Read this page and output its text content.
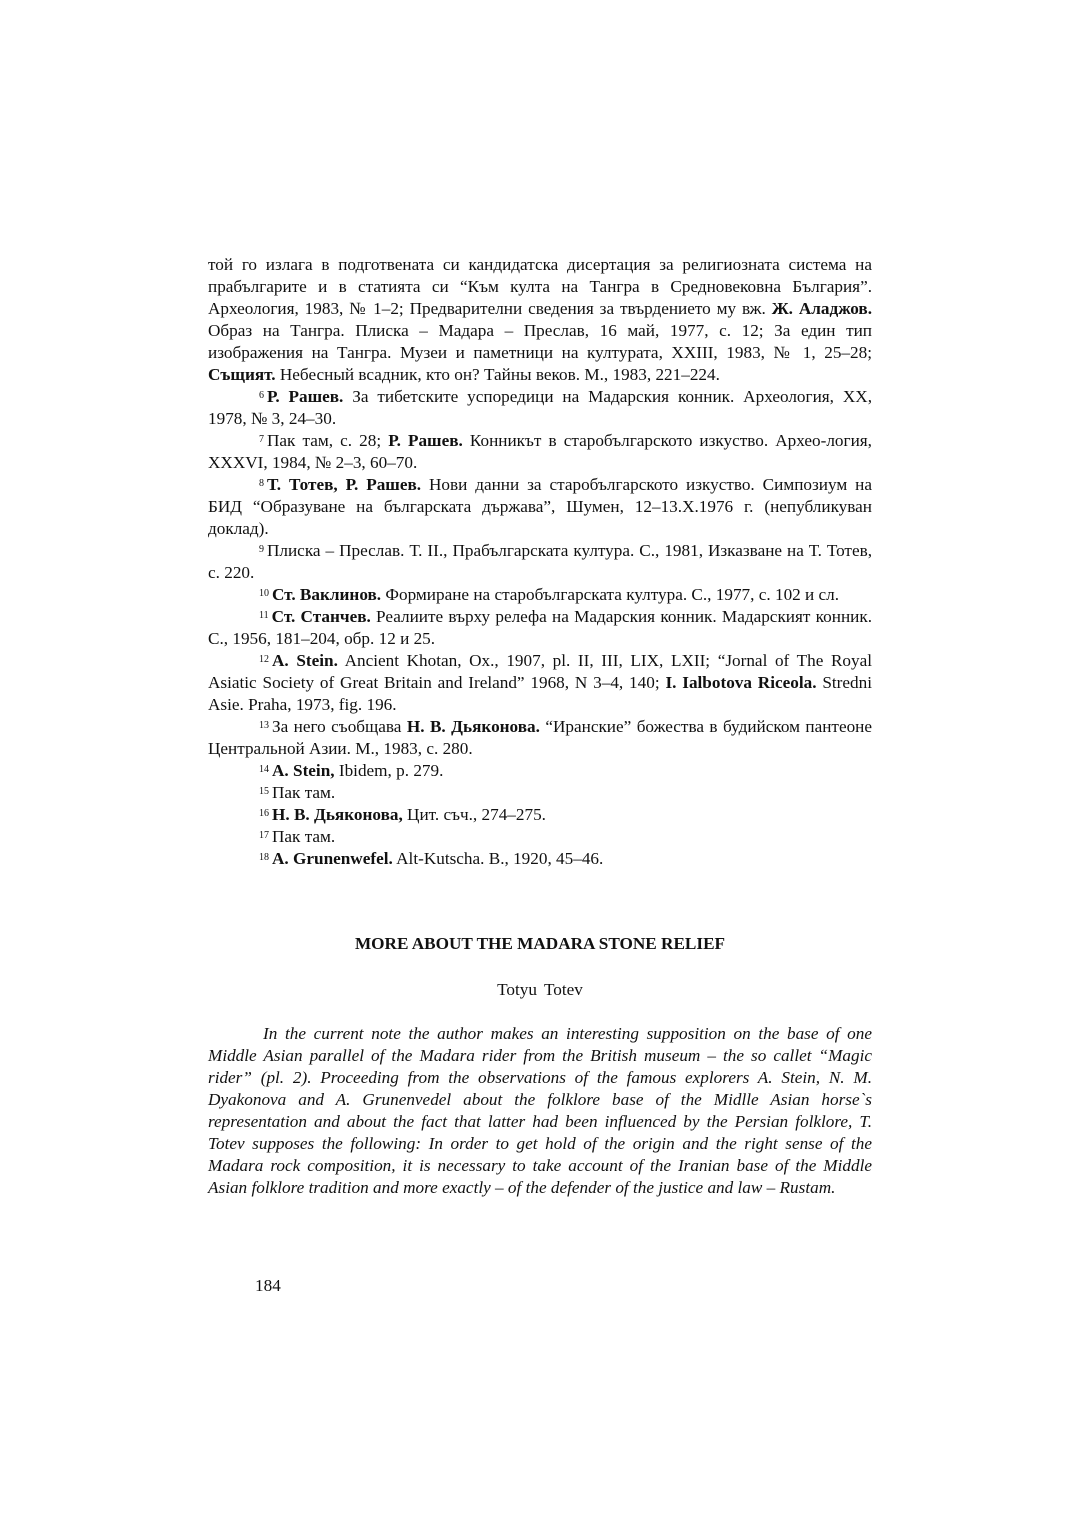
той го излага в подготвената си кандидатска дисертация за религиозната система на прабългарите и в статията си “Към култа на Тангра в Средновековна България”. Археология, 1983, № 1–2; Предварителни сведения за твърдението му вж. Ж. Аладжов. Образ на Тангра. Плиска – Мадара – Преслав, 16 май, 1977, с. 12; За един тип изображения на Тангра. Музеи и паметници на културата, XXIII, 1983, № 1, 25–28; Същият. Небесный всадник, кто он? Тайны веков. М., 1983, 221–224.

$^6$ Р. Рашев. За тибетските успоредици на Мадарския конник. Археология, XX, 1978, № 3, 24–30.

$^7$ Пак там, с. 28; Р. Рашев. Конникът в старобългарското изкуство. Архео-логия, XXXVI, 1984, № 2–3, 60–70.

$^8$ Т. Тотев, Р. Рашев. Нови данни за старобългарското изкуство. Симпозиум на БИД “Образуване на българската държава”, Шумен, 12–13.X.1976 г. (непубликуван доклад).

$^9$ Плиска – Преслав. Т. II., Прабългарската култура. С., 1981, Изказване на Т. Тотев, с. 220.

$^{10}$ Ст. Ваклинов. Формиране на старобългарската култура. С., 1977, с. 102 и сл.

$^{11}$ Ст. Станчев. Реалиите върху релефа на Мадарския конник. Мадарският конник. С., 1956, 181–204, обр. 12 и 25.

$^{12}$ A. Stein. Ancient Khotan, Ox., 1907, pl. II, III, LIX, LXII; “Jornal of The Royal Asiatic Society of Great Britain and Ireland” 1968, N 3–4, 140; I. Ialbotova Riceola. Stredni Asie. Praha, 1973, fig. 196.

$^{13}$ За него съобщава Н. В. Дьяконова. “Иранские” божества в будийском пантеоне Центральной Азии. М., 1983, с. 280.

$^{14}$ A. Stein, Ibidem, p. 279.

$^{15}$ Пак там.

$^{16}$ Н. В. Дьяконова, Цит. съч., 274–275.

$^{17}$ Пак там.

$^{18}$ A. Grunenwefel. Alt-Kutscha. B., 1920, 45–46.

MORE ABOUT THE MADARA STONE RELIEF

Totyu Totev

In the current note the author makes an interesting supposition on the base of one Middle Asian parallel of the Madara rider from the British museum – the so callet “Magic rider” (pl. 2). Proceeding from the observations of the famous explorers A. Stein, N. M. Dyakonova and A. Grunenvedel about the folklore base of the Midlle Asian horse`s representation and about the fact that latter had been influenced by the Persian folklore, T. Totev supposes the following: In order to get hold of the origin and the right sense of the Madara rock composition, it is necessary to take account of the Iranian base of the Middle Asian folklore tradition and more exactly – of the defender of the justice and law – Rustam.

184
